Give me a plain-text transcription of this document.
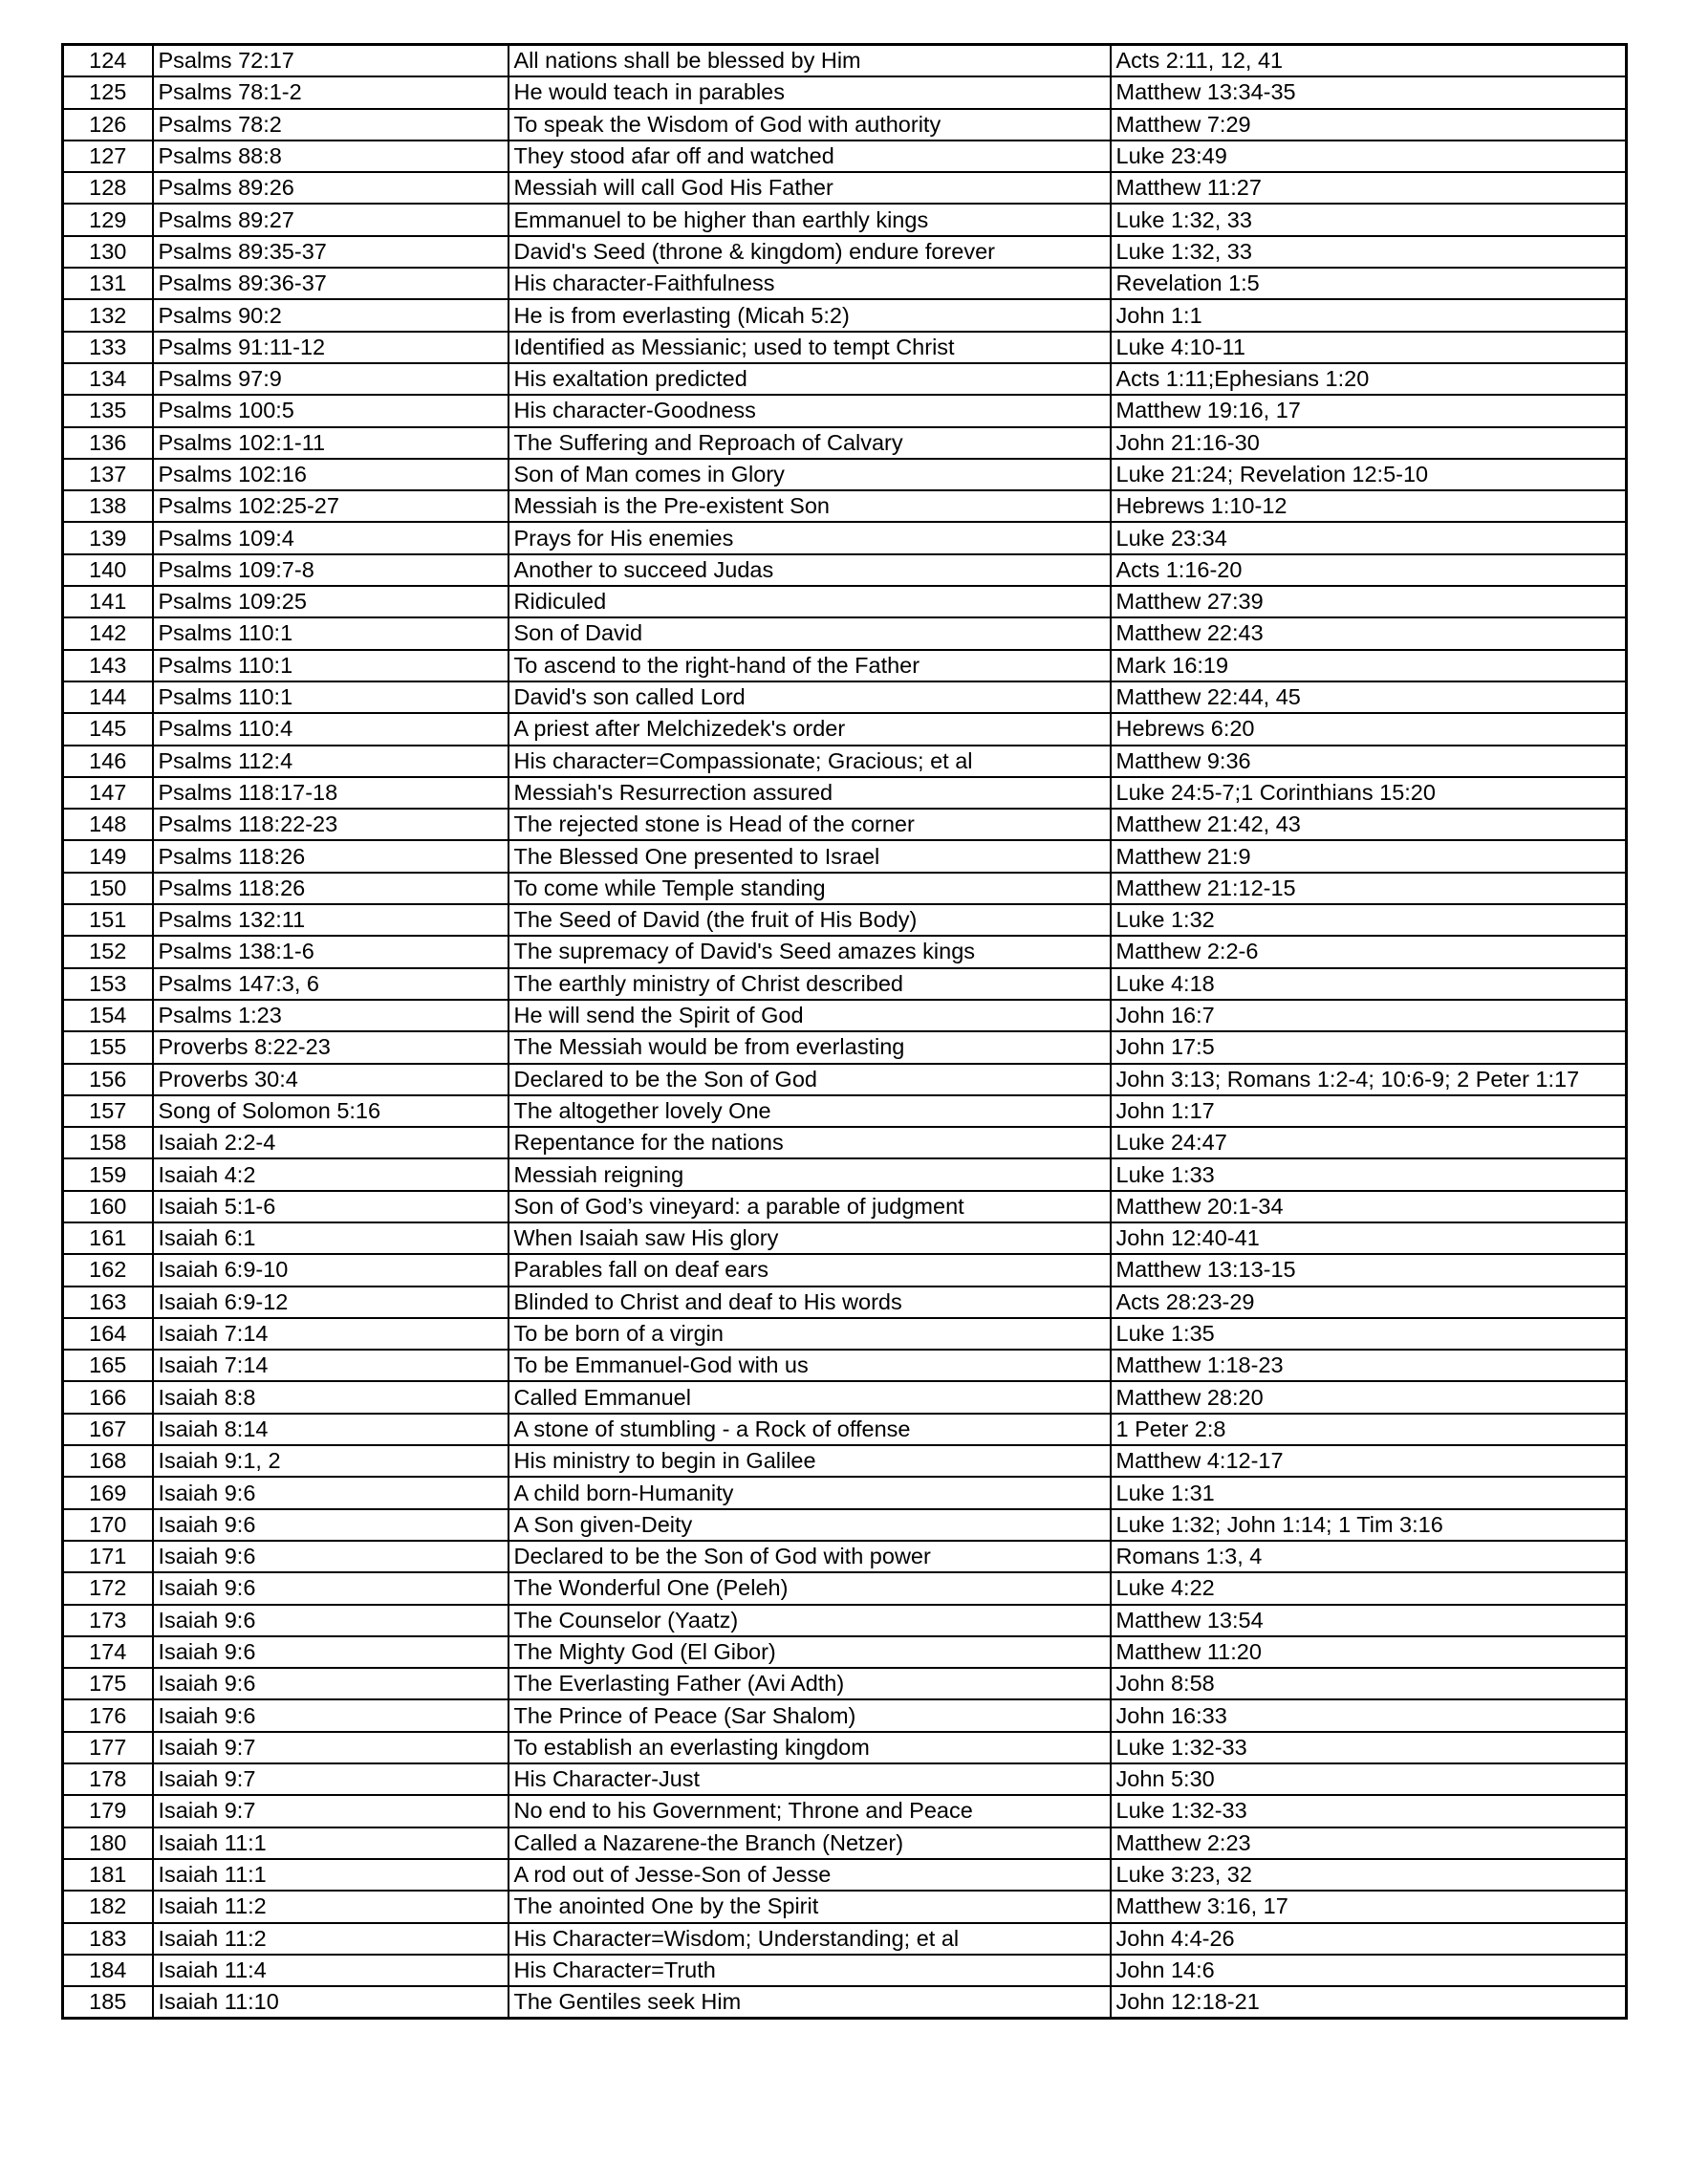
124	Psalms 72:17	All nations shall be blessed by Him	Acts 2:11, 12, 41
125	Psalms 78:1-2	He would teach in parables	Matthew 13:34-35
126	Psalms 78:2	To speak the Wisdom of God with authority	Matthew 7:29
127	Psalms 88:8	They stood afar off and watched	Luke 23:49
128	Psalms 89:26	Messiah will call God His Father	Matthew 11:27
129	Psalms 89:27	Emmanuel to be higher than earthly kings	Luke 1:32, 33
130	Psalms 89:35-37	David's Seed (throne & kingdom) endure forever	Luke 1:32, 33
131	Psalms 89:36-37	His character-Faithfulness	Revelation 1:5
132	Psalms 90:2	He is from everlasting (Micah 5:2)	John 1:1
133	Psalms 91:11-12	Identified as Messianic; used to tempt Christ	Luke 4:10-11
134	Psalms 97:9	His exaltation predicted	Acts 1:11;Ephesians 1:20
135	Psalms 100:5	His character-Goodness	Matthew 19:16, 17
136	Psalms 102:1-11	The Suffering and Reproach of Calvary	John 21:16-30
137	Psalms 102:16	Son of Man comes in Glory	Luke 21:24; Revelation 12:5-10
138	Psalms 102:25-27	Messiah is the Pre-existent Son	Hebrews 1:10-12
139	Psalms 109:4	Prays for His enemies	Luke 23:34
140	Psalms 109:7-8	Another to succeed Judas	Acts 1:16-20
141	Psalms 109:25	Ridiculed	Matthew 27:39
142	Psalms 110:1	Son of David	Matthew 22:43
143	Psalms 110:1	To ascend to the right-hand of the Father	Mark 16:19
144	Psalms 110:1	David's son called Lord	Matthew 22:44, 45
145	Psalms 110:4	A priest after Melchizedek's order	Hebrews 6:20
146	Psalms 112:4	His character=Compassionate; Gracious; et al	Matthew 9:36
147	Psalms 118:17-18	Messiah's Resurrection assured	Luke 24:5-7;1 Corinthians 15:20
148	Psalms 118:22-23	The rejected stone is Head of the corner	Matthew 21:42, 43
149	Psalms 118:26	The Blessed One presented to Israel	Matthew 21:9
150	Psalms 118:26	To come while Temple standing	Matthew 21:12-15
151	Psalms 132:11	The Seed of David (the fruit of His Body)	Luke 1:32
152	Psalms 138:1-6	The supremacy of David's Seed amazes kings	Matthew 2:2-6
153	Psalms 147:3, 6	The earthly ministry of Christ described	Luke 4:18
154	Psalms 1:23	He will send the Spirit of God	John 16:7
155	Proverbs 8:22-23	The Messiah would be from everlasting	John 17:5
156	Proverbs 30:4	Declared to be the Son of God	John 3:13; Romans 1:2-4; 10:6-9; 2 Peter 1:17
157	Song of Solomon 5:16	The altogether lovely One	John 1:17
158	Isaiah 2:2-4	Repentance for the nations	Luke 24:47
159	Isaiah 4:2	Messiah reigning	Luke 1:33
160	Isaiah 5:1-6	Son of God’s vineyard: a parable of judgment	Matthew 20:1-34
161	Isaiah 6:1	When Isaiah saw His glory	John 12:40-41
162	Isaiah 6:9-10	Parables fall on deaf ears	Matthew 13:13-15
163	Isaiah 6:9-12	Blinded to Christ and deaf to His words	Acts 28:23-29
164	Isaiah 7:14	To be born of a virgin	Luke 1:35
165	Isaiah 7:14	To be Emmanuel-God with us	Matthew 1:18-23
166	Isaiah 8:8	Called Emmanuel	Matthew 28:20
167	Isaiah 8:14	A stone of stumbling - a Rock of offense	1 Peter 2:8
168	Isaiah 9:1, 2	His ministry to begin in Galilee	Matthew 4:12-17
169	Isaiah 9:6	A child born-Humanity	Luke 1:31
170	Isaiah 9:6	A Son given-Deity	Luke 1:32; John 1:14; 1 Tim 3:16
171	Isaiah 9:6	Declared to be the Son of God with power	Romans 1:3, 4
172	Isaiah 9:6	The Wonderful One (Peleh)	Luke 4:22
173	Isaiah 9:6	The Counselor (Yaatz)	Matthew 13:54
174	Isaiah 9:6	The Mighty God (El Gibor)	Matthew 11:20
175	Isaiah 9:6	The Everlasting Father (Avi Adth)	John 8:58
176	Isaiah 9:6	The Prince of Peace (Sar Shalom)	John 16:33
177	Isaiah 9:7	To establish an everlasting kingdom	Luke 1:32-33
178	Isaiah 9:7	His Character-Just	John 5:30
179	Isaiah 9:7	No end to his Government; Throne and Peace	Luke 1:32-33
180	Isaiah 11:1	Called a Nazarene-the Branch (Netzer)	Matthew 2:23
181	Isaiah 11:1	A rod out of Jesse-Son of Jesse	Luke 3:23, 32
182	Isaiah 11:2	The anointed One by the Spirit	Matthew 3:16, 17
183	Isaiah 11:2	His Character=Wisdom; Understanding; et al	John 4:4-26
184	Isaiah 11:4	His Character=Truth	John 14:6
185	Isaiah 11:10	The Gentiles seek Him	John 12:18-21
